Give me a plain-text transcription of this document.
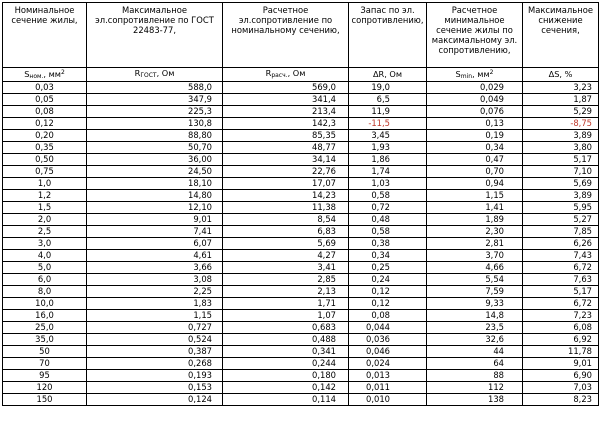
Номинальное сечение жилы,	Максимальное эл.сопротивление по ГОСТ 22483-77,	Расчетное эл.сопротивление по номинальному сечению,	Запас по эл. сопротивлению,	Расчетное минимальное сечение жилы по максимальному эл. сопротивлению,	Максимальное снижение сечения,
$S_{ном.}$, $мм^2$	$R_{ГОСТ}$, Ом	$R_{расч.}$, Ом	ΔR, Ом	$S_{min}$, $мм^2$	ΔS, %
0,03	588,0	569,0	19,0	0,029	3,23
0,05	347,9	341,4	6,5	0,049	1,87
0,08	225,3	213,4	11,9	0,076	5,29
0,12	130,8	142,3	-11,5	0,13	-8,75
0,20	88,80	85,35	3,45	0,19	3,89
0,35	50,70	48,77	1,93	0,34	3,80
0,50	36,00	34,14	1,86	0,47	5,17
0,75	24,50	22,76	1,74	0,70	7,10
1,0	18,10	17,07	1,03	0,94	5,69
1,2	14,80	14,23	0,58	1,15	3,89
1,5	12,10	11,38	0,72	1,41	5,95
2,0	9,01	8,54	0,48	1,89	5,27
2,5	7,41	6,83	0,58	2,30	7,85
3,0	6,07	5,69	0,38	2,81	6,26
4,0	4,61	4,27	0,34	3,70	7,43
5,0	3,66	3,41	0,25	4,66	6,72
6,0	3,08	2,85	0,24	5,54	7,63
8,0	2,25	2,13	0,12	7,59	5,17
10,0	1,83	1,71	0,12	9,33	6,72
16,0	1,15	1,07	0,08	14,8	7,23
25,0	0,727	0,683	0,044	23,5	6,08
35,0	0,524	0,488	0,036	32,6	6,92
50	0,387	0,341	0,046	44	11,78
70	0,268	0,244	0,024	64	9,01
95	0,193	0,180	0,013	88	6,90
120	0,153	0,142	0,011	112	7,03
150	0,124	0,114	0,010	138	8,23
